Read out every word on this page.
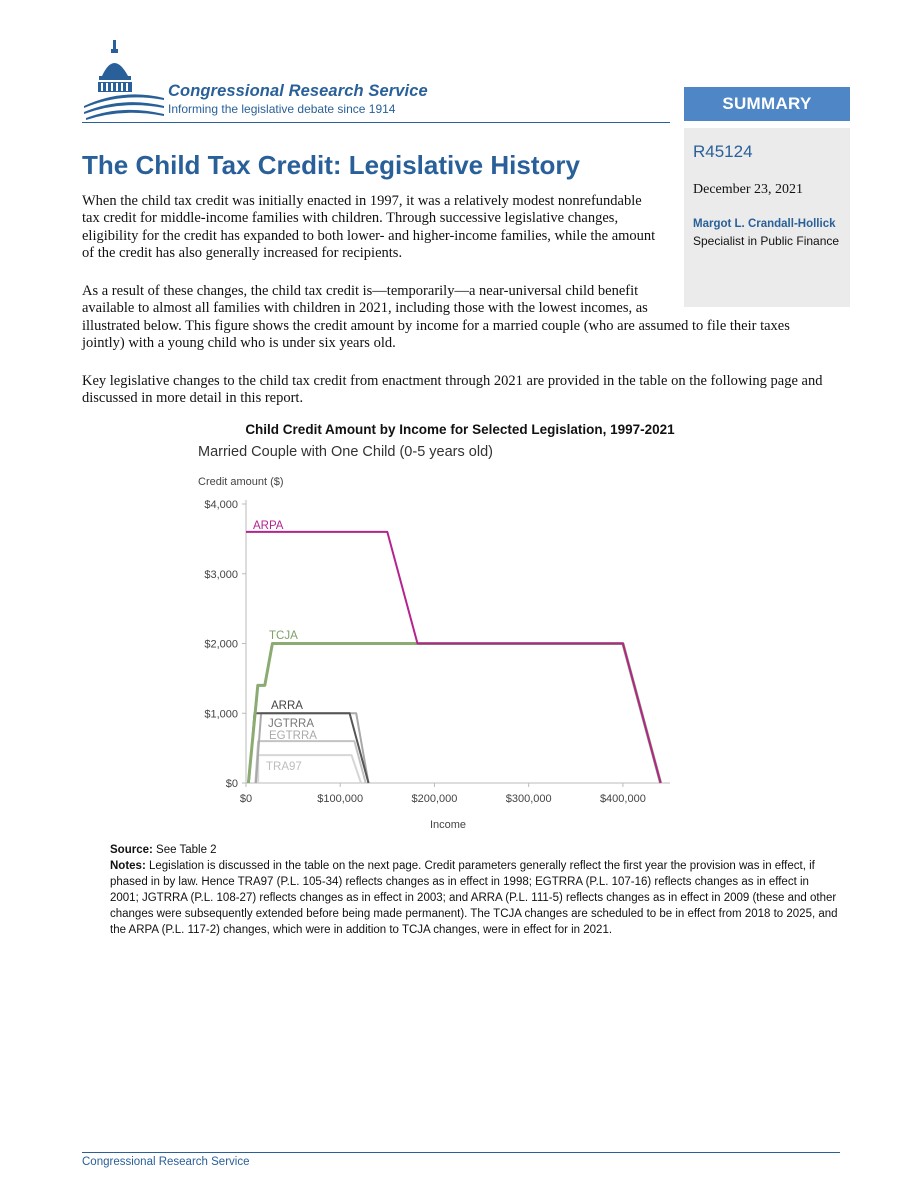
Congressional Research Service
Informing the legislative debate since 1914	SUMMARY
R45124
December 23, 2021
Margot L. Crandall-Hollick
Specialist in Public Finance
The Child Tax Credit: Legislative History
When the child tax credit was initially enacted in 1997, it was a relatively modest nonrefundable tax credit for middle-income families with children. Through successive legislative changes, eligibility for the credit has expanded to both lower- and higher-income families, while the amount of the credit has also generally increased for recipients.
As a result of these changes, the child tax credit is—temporarily—a near-universal child benefit
available to almost all families with children in 2021, including those with the lowest incomes, as
illustrated below. This figure shows the credit amount by income for a married couple (who are assumed to file their taxes
jointly) with a young child who is under six years old.
Key legislative changes to the child tax credit from enactment through 2021 are provided in the table on the following page and discussed in more detail in this report.
Child Credit Amount by Income for Selected Legislation, 1997-2021
Married Couple with One Child (0-5 years old)
Credit amount ($)
Income
$0
$1,000
$2,000
$3,000
$4,000
$0	$100,000	$200,000	$300,000	$400,000
TRA97
EGTRRA
JGTRRA
ARRA
TCJA
ARPA
Source: See Table 2
Notes: Legislation is discussed in the table on the next page. Credit parameters generally reflect the first year the provision was in effect, if phased in by law. Hence TRA97 (P.L. 105-34) reflects changes as in effect in 1998; EGTRRA (P.L. 107-16) reflects changes as in effect in 2001; JGTRRA (P.L. 108-27) reflects changes as in effect in 2003; and ARRA (P.L. 111-5) reflects changes as in effect in 2009 (these and other changes were subsequently extended before being made permanent). The TCJA changes are scheduled to be in effect from 2018 to 2025, and the ARPA (P.L. 117-2) changes, which were in addition to TCJA changes, were in effect for in 2021.
Congressional Research Service
